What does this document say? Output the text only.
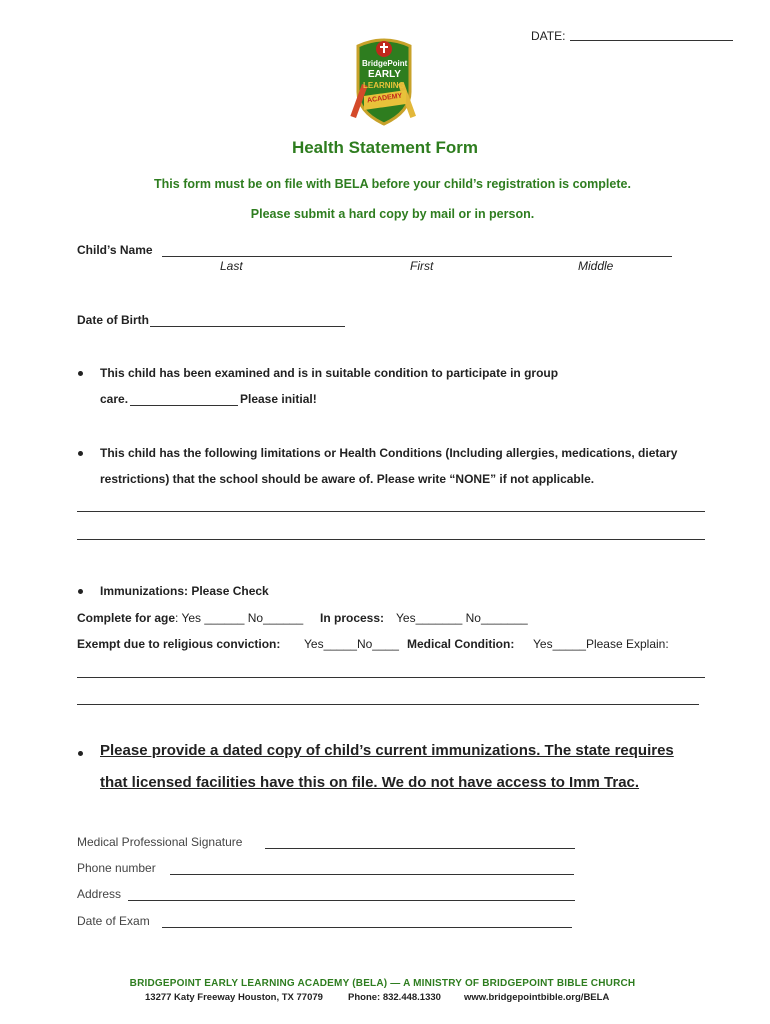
DATE:
BridgePoint
EARLY
LEARNING
ACADEMY
Health Statement Form
This form must be on file with BELA before your child’s registration is complete.
Please submit a hard copy by mail or in person.
Child’s Name
Last	First	Middle
Date of Birth
This child has been examined and is in suitable condition to participate in group
care.	Please initial!
This child has the following limitations or Health Conditions (Including allergies, medications, dietary
restrictions) that the school should be aware of. Please write “NONE” if not applicable.
Immunizations: Please Check
Complete for age: Yes ______ No______ In process: Yes_______ No_______
Exempt due to religious conviction: Yes_____No____ Medical Condition: Yes_____Please Explain:
Please provide a dated copy of child’s current immunizations. The state requires
that licensed facilities have this on file. We do not have access to Imm Trac.
Medical Professional Signature
Phone number
Address
Date of Exam
BRIDGEPOINT EARLY LEARNING ACADEMY (BELA) — A MINISTRY OF BRIDGEPOINT BIBLE CHURCH
13277 Katy Freeway Houston, TX 77079	Phone: 832.448.1330 www.bridgepointbible.org/BELA
